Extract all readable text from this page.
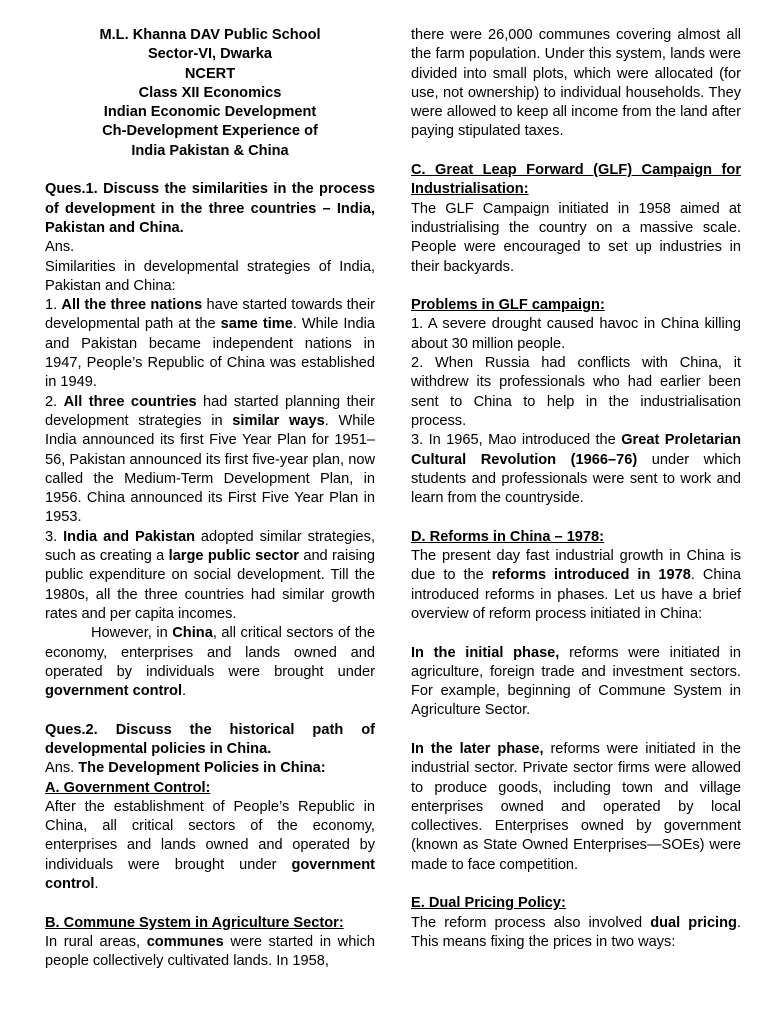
M.L. Khanna DAV Public School

Sector-VI, Dwarka

NCERT

Class XII Economics

Indian Economic Development

Ch-Development Experience of

India Pakistan & China

Ques.1. Discuss the similarities in the process of development in the three countries – India, Pakistan and China.

Ans.

Similarities in developmental strategies of India, Pakistan and China:

1. All the three nations have started towards their developmental path at the same time. While India and Pakistan became independent nations in 1947, People’s Republic of China was established in 1949.

2. All three countries had started planning their development strategies in similar ways. While India announced its first Five Year Plan for 1951–56, Pakistan announced its first five-year plan, now called the Medium-Term Development Plan, in 1956. China announced its First Five Year Plan in 1953.

3. India and Pakistan adopted similar strategies, such as creating a large public sector and raising public expenditure on social development. Till the 1980s, all the three countries had similar growth rates and per capita incomes.

However, in China, all critical sectors of the economy, enterprises and lands owned and operated by individuals were brought under government control.

Ques.2. Discuss the historical path of developmental policies in China.

Ans. The Development Policies in China:

A. Government Control:

After the establishment of People’s Republic in China, all critical sectors of the economy, enterprises and lands owned and operated by individuals were brought under government control.

B. Commune System in Agriculture Sector:

In rural areas, communes were started in which people collectively cultivated lands. In 1958,

there were 26,000 communes covering almost all the farm population. Under this system, lands were divided into small plots, which were allocated (for use, not ownership) to individual households. They were allowed to keep all income from the land after paying stipulated taxes.

C. Great Leap Forward (GLF) Campaign for Industrialisation:

The GLF Campaign initiated in 1958 aimed at industrialising the country on a massive scale. People were encouraged to set up industries in their backyards.

Problems in GLF campaign:

1. A severe drought caused havoc in China killing about 30 million people.

2. When Russia had conflicts with China, it withdrew its professionals who had earlier been sent to China to help in the industrialisation process.

3. In 1965, Mao introduced the Great Proletarian Cultural Revolution (1966–76) under which students and professionals were sent to work and learn from the countryside.

D. Reforms in China – 1978:

The present day fast industrial growth in China is due to the reforms introduced in 1978. China introduced reforms in phases. Let us have a brief overview of reform process initiated in China:

In the initial phase, reforms were initiated in agriculture, foreign trade and investment sectors. For example, beginning of Commune System in Agriculture Sector.

In the later phase, reforms were initiated in the industrial sector. Private sector firms were allowed to produce goods, including town and village enterprises owned and operated by local collectives. Enterprises owned by government (known as State Owned Enterprises—SOEs) were made to face competition.

E. Dual Pricing Policy:

The reform process also involved dual pricing. This means fixing the prices in two ways:
